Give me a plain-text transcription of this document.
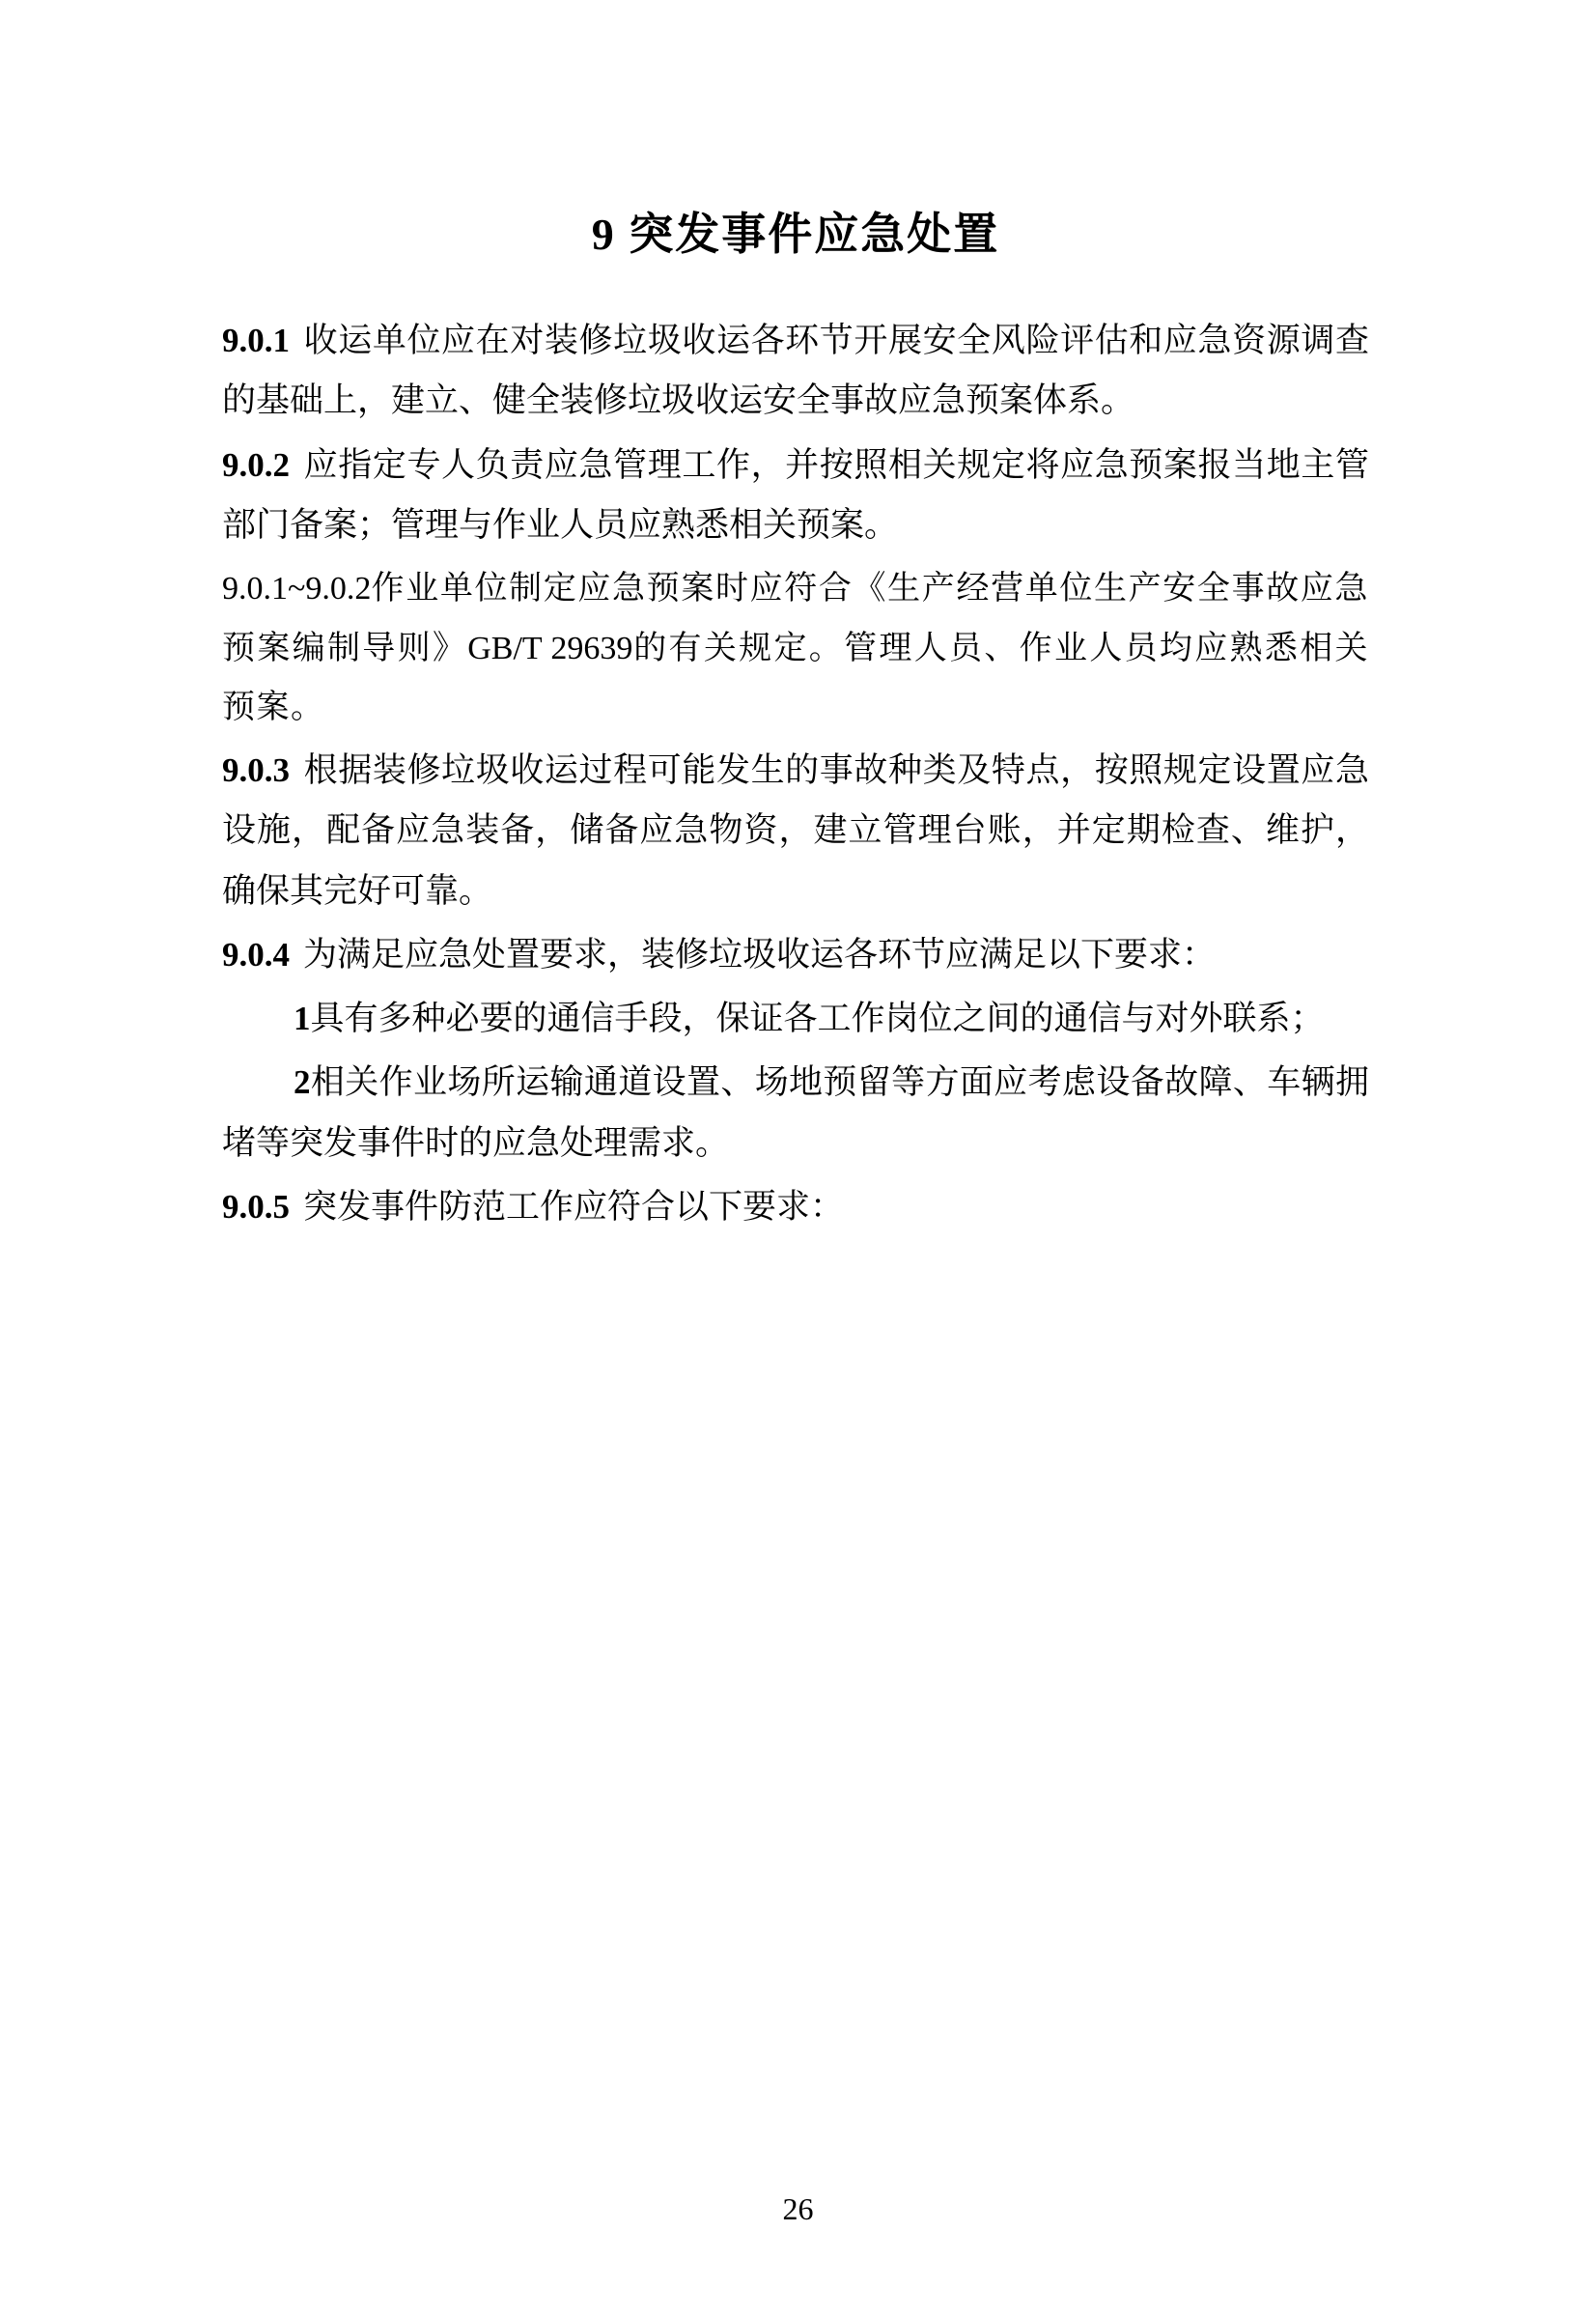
9 突发事件应急处置

9.0.1 收运单位应在对装修垃圾收运各环节开展安全风险评估和应急资源调查的基础上，建立、健全装修垃圾收运安全事故应急预案体系。

9.0.2 应指定专人负责应急管理工作，并按照相关规定将应急预案报当地主管部门备案；管理与作业人员应熟悉相关预案。

9.0.1~9.0.2作业单位制定应急预案时应符合《生产经营单位生产安全事故应急预案编制导则》GB/T 29639的有关规定。管理人员、作业人员均应熟悉相关预案。

9.0.3 根据装修垃圾收运过程可能发生的事故种类及特点，按照规定设置应急设施，配备应急装备，储备应急物资，建立管理台账，并定期检查、维护，确保其完好可靠。

9.0.4 为满足应急处置要求，装修垃圾收运各环节应满足以下要求：

1具有多种必要的通信手段，保证各工作岗位之间的通信与对外联系；

2相关作业场所运输通道设置、场地预留等方面应考虑设备故障、车辆拥堵等突发事件时的应急处理需求。

9.0.5 突发事件防范工作应符合以下要求：

26
